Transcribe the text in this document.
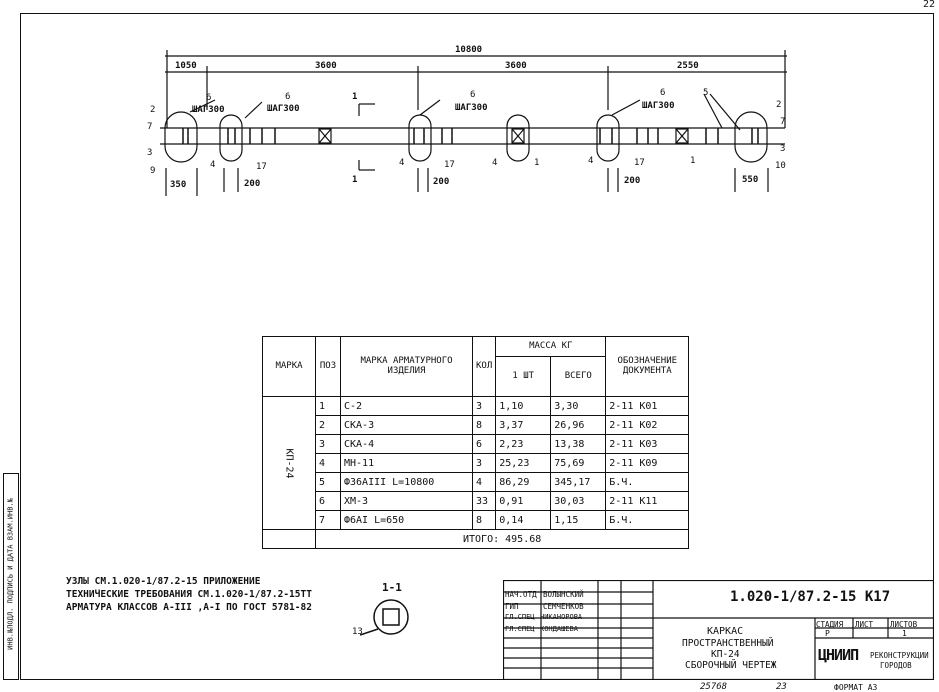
22
ИНВ.№ПОДЛ. ПОДПИСЬ И ДАТА ВЗАМ.ИНВ.№
10800
1050	3600	3600	2550
ШАГ300	ШАГ300	ШАГ300	ШАГ300
6	6	6	6	5
2
7
3
9
2
7
3
10
4	17	4	17	4	1	4	17	1
1
1
350	200	200	200	550
МАРКА	ПОЗ	МАРКА АРМАТУРНОГО ИЗДЕЛИЯ	КОЛ	МАССА КГ		ОБОЗНАЧЕНИЕ ДОКУМЕНТА
				1 ШТ	ВСЕГО	
КП-24	1	С-2	3	1,10	3,30	2-11 К01
	2	СКА-3	8	3,37	26,96	2-11 К02
	3	СКА-4	6	2,23	13,38	2-11 К03
	4	МН-11	3	25,23	75,69	2-11 К09
	5	Ф36АIII L=10800	4	86,29	345,17	Б.Ч.
	6	ХМ-3	33	0,91	30,03	2-11 К11
	7	Ф6АI L=650	8	0,14	1,15	Б.Ч.
	ИТОГО: 495.68					
УЗЛЫ СМ.1.020-1/87.2-15 ПРИЛОЖЕНИЕ
ТЕХНИЧЕСКИЕ ТРЕБОВАНИЯ СМ.1.020-1/87.2-15ТТ
АРМАТУРА КЛАССОВ А-III ,А-I ПО ГОСТ 5781-82
1-1
13
НАЧ.ОТД ВОЛЫНСКИЙ
ГИП	СЕМЧЕНКОВ
ГЛ.СПЕЦ НИКАНОРОВА
ГЛ.СПЕЦ КОНДАШЕВА
1.020-1/87.2-15 К17
КАРКАС
ПРОСТРАНСТВЕННЫЙ
КП-24
СБОРОЧНЫЙ ЧЕРТЕЖ
СТАДИЯ ЛИСТ ЛИСТОВ
Р	1
ЦНИИП РЕКОНСТРУКЦИИ
ГОРОДОВ
25768	23	ФОРМАТ А3
